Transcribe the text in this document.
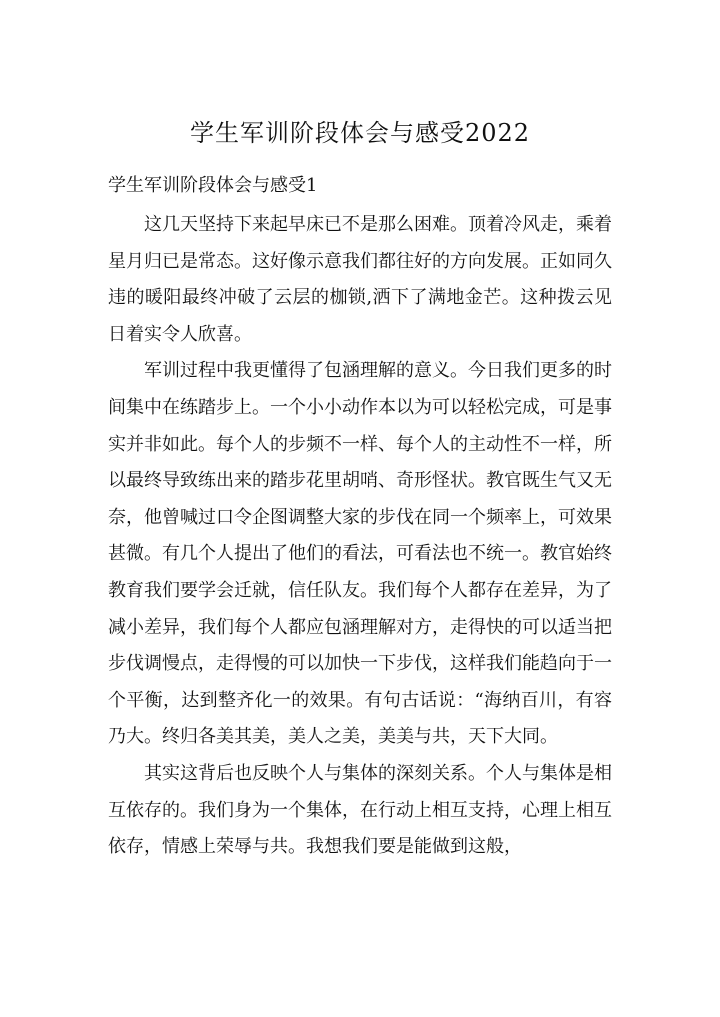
学生军训阶段体会与感受2022

学生军训阶段体会与感受1

这几天坚持下来起早床已不是那么困难。顶着冷风走，乘着星月归已是常态。这好像示意我们都往好的方向发展。正如同久违的暖阳最终冲破了云层的枷锁,洒下了满地金芒。这种拨云见日着实令人欣喜。

军训过程中我更懂得了包涵理解的意义。今日我们更多的时间集中在练踏步上。一个小小动作本以为可以轻松完成，可是事实并非如此。每个人的步频不一样、每个人的主动性不一样，所以最终导致练出来的踏步花里胡哨、奇形怪状。教官既生气又无奈，他曾喊过口令企图调整大家的步伐在同一个频率上，可效果甚微。有几个人提出了他们的看法，可看法也不统一。教官始终教育我们要学会迁就，信任队友。我们每个人都存在差异，为了减小差异，我们每个人都应包涵理解对方，走得快的可以适当把步伐调慢点，走得慢的可以加快一下步伐，这样我们能趋向于一个平衡，达到整齐化一的效果。有句古话说：“海纳百川，有容乃大。终归各美其美，美人之美，美美与共，天下大同。

其实这背后也反映个人与集体的深刻关系。个人与集体是相互依存的。我们身为一个集体，在行动上相互支持，心理上相互依存，情感上荣辱与共。我想我们要是能做到这般，
